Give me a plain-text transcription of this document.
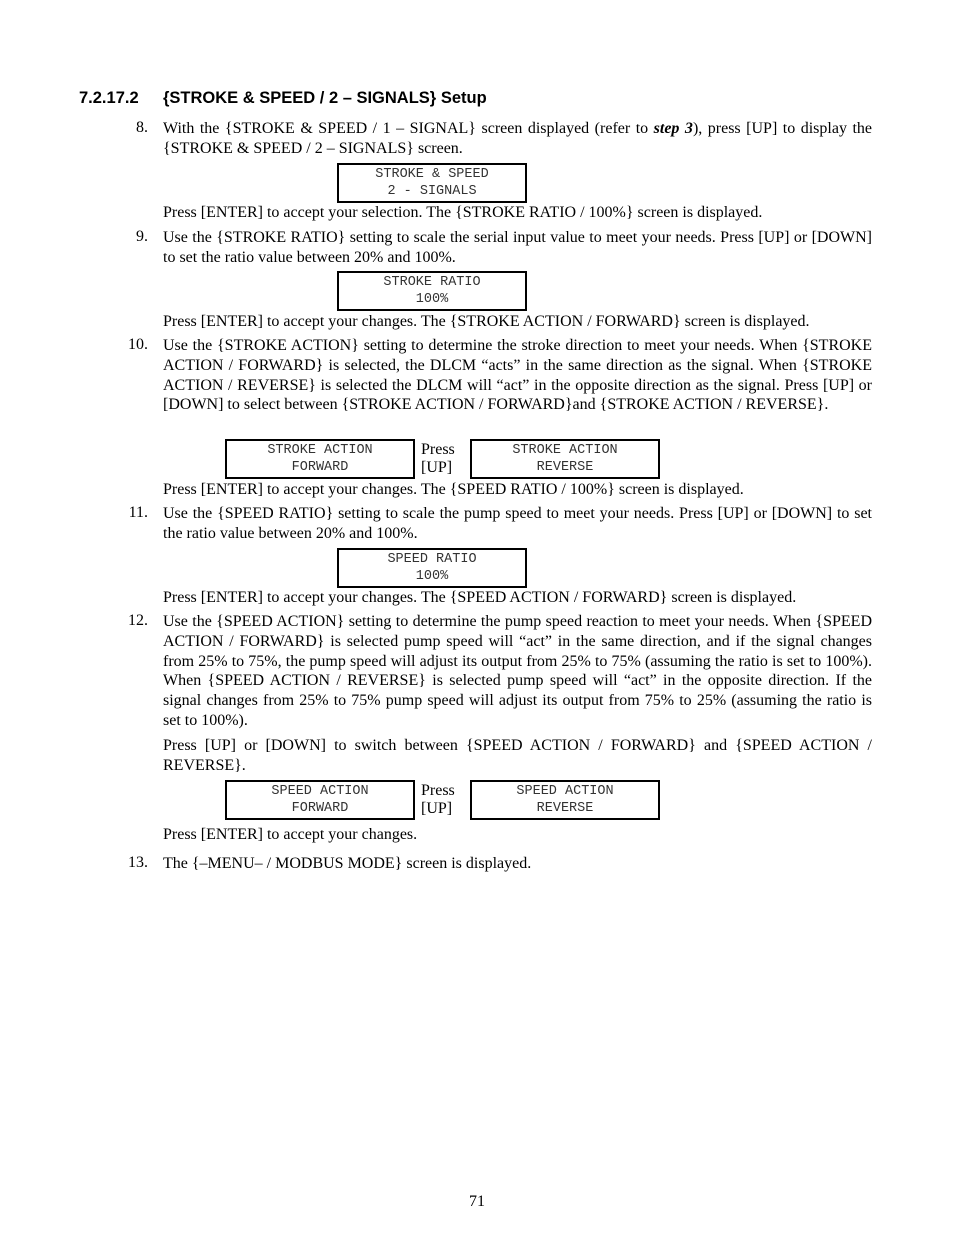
7.2.17.2 {STROKE & SPEED / 2 – SIGNALS} Setup
8. With the {STROKE & SPEED / 1 – SIGNAL} screen displayed (refer to step 3), press [UP] to display the {STROKE & SPEED / 2 – SIGNALS} screen.
STROKE & SPEED
2 - SIGNALS
Press [ENTER] to accept your selection. The {STROKE RATIO / 100%} screen is displayed.
9. Use the {STROKE RATIO} setting to scale the serial input value to meet your needs. Press [UP] or [DOWN] to set the ratio value between 20% and 100%.
STROKE RATIO
100%
Press [ENTER] to accept your changes. The {STROKE ACTION / FORWARD} screen is displayed.
10. Use the {STROKE ACTION} setting to determine the stroke direction to meet your needs. When {STROKE ACTION / FORWARD} is selected, the DLCM “acts” in the same direction as the signal. When {STROKE ACTION / REVERSE} is selected the DLCM will “act” in the opposite direction as the signal. Press [UP] or [DOWN] to select between {STROKE ACTION / FORWARD}and {STROKE ACTION / REVERSE}.
STROKE ACTION
FORWARD
Press
[UP]
STROKE ACTION
REVERSE
Press [ENTER] to accept your changes. The {SPEED RATIO / 100%} screen is displayed.
11. Use the {SPEED RATIO} setting to scale the pump speed to meet your needs. Press [UP] or [DOWN] to set the ratio value between 20% and 100%.
SPEED RATIO
100%
Press [ENTER] to accept your changes. The {SPEED ACTION / FORWARD} screen is displayed.
12. Use the {SPEED ACTION} setting to determine the pump speed reaction to meet your needs. When {SPEED ACTION / FORWARD} is selected pump speed will “act” in the same direction, and if the signal changes from 25% to 75%, the pump speed will adjust its output from 25% to 75% (assuming the ratio is set to 100%). When {SPEED ACTION / REVERSE} is selected pump speed will “act” in the opposite direction. If the signal changes from 25% to 75% pump speed will adjust its output from 75% to 25% (assuming the ratio is set to 100%).
Press [UP] or [DOWN] to switch between {SPEED ACTION / FORWARD} and {SPEED ACTION / REVERSE}.
SPEED ACTION
FORWARD
Press
[UP]
SPEED ACTION
REVERSE
Press [ENTER] to accept your changes.
13. The {–MENU– / MODBUS MODE} screen is displayed.
71
